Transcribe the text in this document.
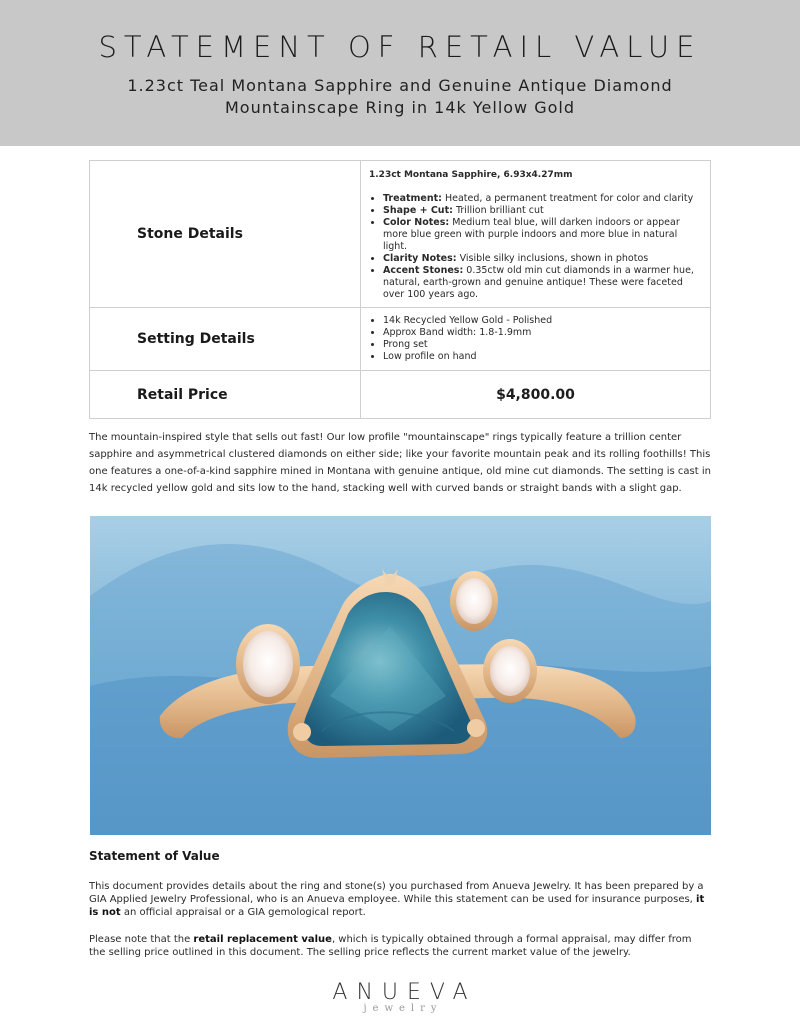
STATEMENT OF RETAIL VALUE
1.23ct Teal Montana Sapphire and Genuine Antique Diamond
Mountainscape Ring in 14k Yellow Gold
Stone Details
1.23ct Montana Sapphire, 6.93x4.27mm
• Treatment: Heated, a permanent treatment for color and clarity
• Shape + Cut: Trillion brilliant cut
• Color Notes: Medium teal blue, will darken indoors or appear more blue green with purple indoors and more blue in natural light.
• Clarity Notes: Visible silky inclusions, shown in photos
• Accent Stones: 0.35ctw old min cut diamonds in a warmer hue, natural, earth-grown and genuine antique! These were faceted over 100 years ago.
Setting Details
• 14k Recycled Yellow Gold - Polished
• Approx Band width: 1.8-1.9mm
• Prong set
• Low profile on hand
Retail Price	$4,800.00

The mountain-inspired style that sells out fast! Our low profile "mountainscape" rings typically feature a trillion center sapphire and asymmetrical clustered diamonds on either side; like your favorite mountain peak and its rolling foothills! This one features a one-of-a-kind sapphire mined in Montana with genuine antique, old mine cut diamonds. The setting is cast in 14k recycled yellow gold and sits low to the hand, stacking well with curved bands or straight bands with a slight gap.

Statement of Value

This document provides details about the ring and stone(s) you purchased from Anueva Jewelry. It has been prepared by a GIA Applied Jewelry Professional, who is an Anueva employee. While this statement can be used for insurance purposes, it is not an official appraisal or a GIA gemological report.

Please note that the retail replacement value, which is typically obtained through a formal appraisal, may differ from the selling price outlined in this document. The selling price reflects the current market value of the jewelry.

ANUEVA
jewelry
